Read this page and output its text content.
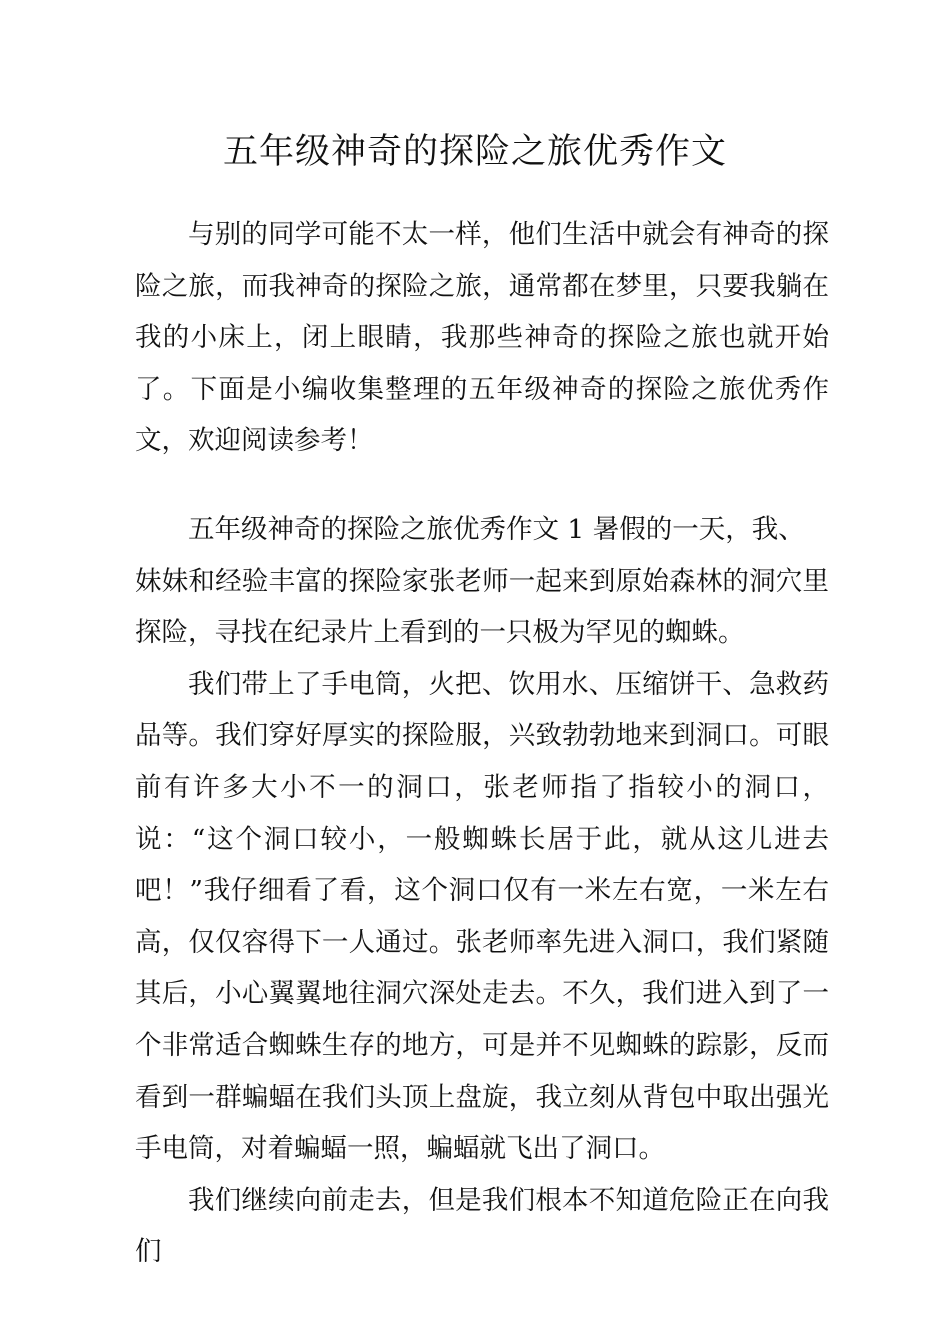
五年级神奇的探险之旅优秀作文

与别的同学可能不太一样，他们生活中就会有神奇的探险之旅，而我神奇的探险之旅，通常都在梦里，只要我躺在我的小床上，闭上眼睛，我那些神奇的探险之旅也就开始了。下面是小编收集整理的五年级神奇的探险之旅优秀作文，欢迎阅读参考！

五年级神奇的探险之旅优秀作文 1 暑假的一天，我、
妹妹和经验丰富的探险家张老师一起来到原始森林的洞穴里探险，寻找在纪录片上看到的一只极为罕见的蜘蛛。
我们带上了手电筒，火把、饮用水、压缩饼干、急救药品等。我们穿好厚实的探险服，兴致勃勃地来到洞口。可眼前有许多大小不一的洞口，张老师指了指较小的洞口，说：“这个洞口较小，一般蜘蛛长居于此，就从这儿进去吧！”我仔细看了看，这个洞口仅有一米左右宽，一米左右高，仅仅容得下一人通过。张老师率先进入洞口，我们紧随其后，小心翼翼地往洞穴深处走去。不久，我们进入到了一个非常适合蜘蛛生存的地方，可是并不见蜘蛛的踪影，反而看到一群蝙蝠在我们头顶上盘旋，我立刻从背包中取出强光手电筒，对着蝙蝠一照，蝙蝠就飞出了洞口。
我们继续向前走去，但是我们根本不知道危险正在向我们
